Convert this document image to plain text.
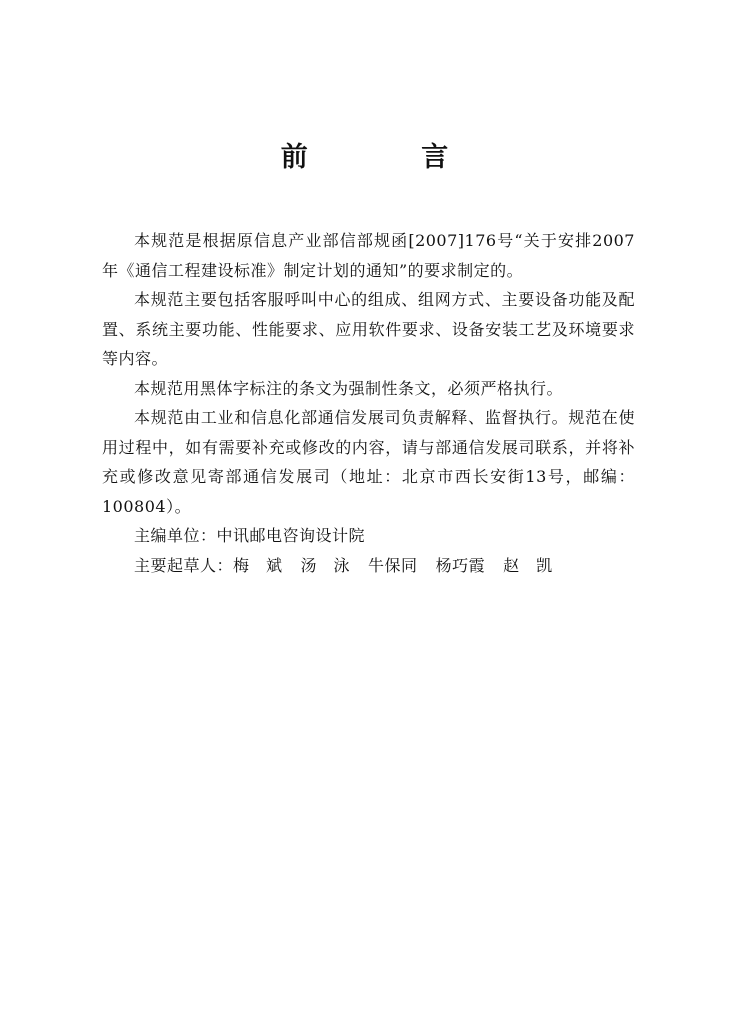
前 言

本规范是根据原信息产业部信部规函[2007]176号“关于安排2007年《通信工程建设标准》制定计划的通知”的要求制定的。

本规范主要包括客服呼叫中心的组成、组网方式、主要设备功能及配置、系统主要功能、性能要求、应用软件要求、设备安装工艺及环境要求等内容。

本规范用黑体字标注的条文为强制性条文，必须严格执行。

本规范由工业和信息化部通信发展司负责解释、监督执行。规范在使用过程中，如有需要补充或修改的内容，请与部通信发展司联系，并将补充或修改意见寄部通信发展司（地址：北京市西长安街13号，邮编：100804）。

主编单位：中讯邮电咨询设计院

主要起草人：梅　斌 汤　泳 牛保同 杨巧霞 赵　凯
